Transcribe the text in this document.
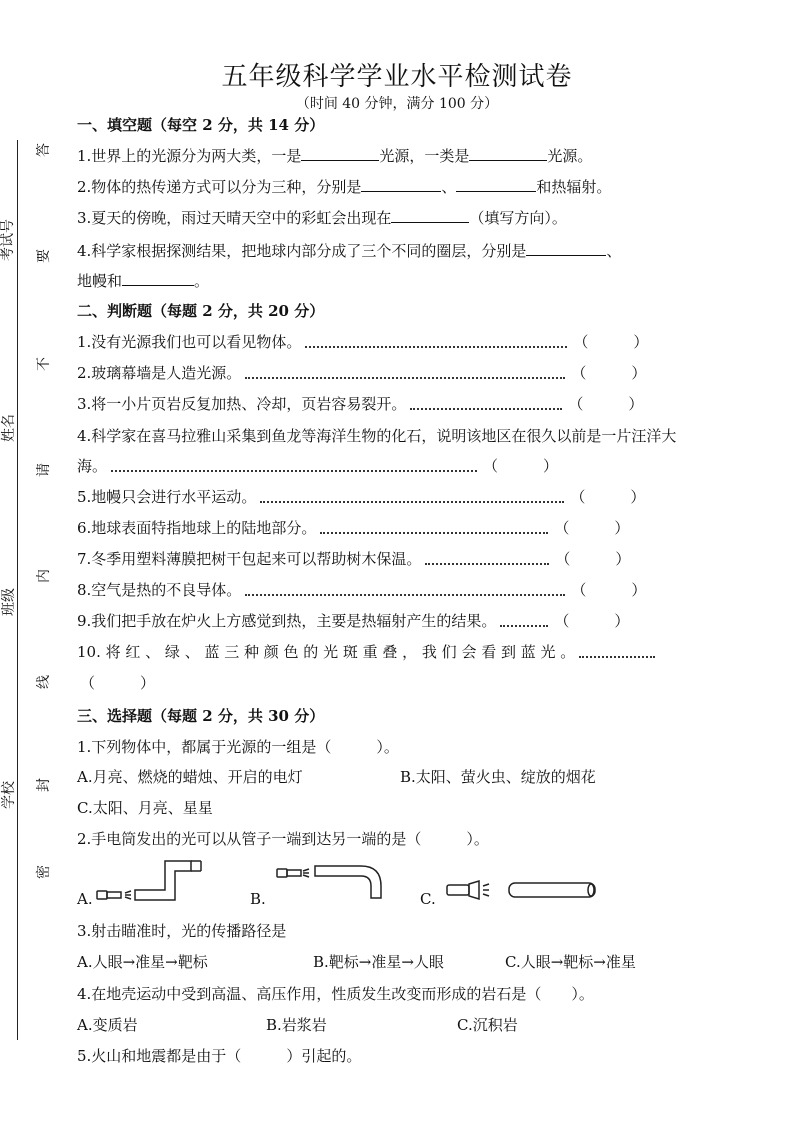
考试号
姓名
班级
学校
答
要
不
请
内
线
封
密
五年级科学学业水平检测试卷
（时间 40 分钟，满分 100 分）
一、填空题（每空 2 分，共 14 分）
1.世界上的光源分为两大类，一是	光源，一类是	光源。
2.物体的热传递方式可以分为三种，分别是	、	和热辐射。
3.夏天的傍晚，雨过天晴天空中的彩虹会出现在	（填写方向）。
4.科学家根据探测结果，把地球内部分成了三个不同的圈层，分别是	、
地幔和	。
二、判断题（每题 2 分，共 20 分）
1.没有光源我们也可以看见物体。	（　　　）
2.玻璃幕墙是人造光源。	（　　　）
3.将一小片页岩反复加热、冷却，页岩容易裂开。	（　　　）
4.科学家在喜马拉雅山采集到鱼龙等海洋生物的化石，说明该地区在很久以前是一片汪洋大
海。	（　　　）
5.地幔只会进行水平运动。	（　　　）
6.地球表面特指地球上的陆地部分。	（　　　）
7.冬季用塑料薄膜把树干包起来可以帮助树木保温。	（　　　）
8.空气是热的不良导体。	（　　　）
9.我们把手放在炉火上方感觉到热，主要是热辐射产生的结果。	（　　　）
10. 将 红 、 绿 、 蓝 三 种 颜 色 的 光 斑 重 叠 ， 我 们 会 看 到 蓝 光 。
（　　　）
三、选择题（每题 2 分，共 30 分）
1.下列物体中，都属于光源的一组是（　　　）。
A.月亮、燃烧的蜡烛、开启的电灯	B.太阳、萤火虫、绽放的烟花
C.太阳、月亮、星星
2.手电筒发出的光可以从管子一端到达另一端的是（　　　）。
A.	B.	C.
3.射击瞄准时，光的传播路径是
A.人眼→准星→靶标	B.靶标→准星→人眼	C.人眼→靶标→准星
4.在地壳运动中受到高温、高压作用，性质发生改变而形成的岩石是（　　）。
A.变质岩	B.岩浆岩	C.沉积岩
5.火山和地震都是由于（　　　）引起的。
